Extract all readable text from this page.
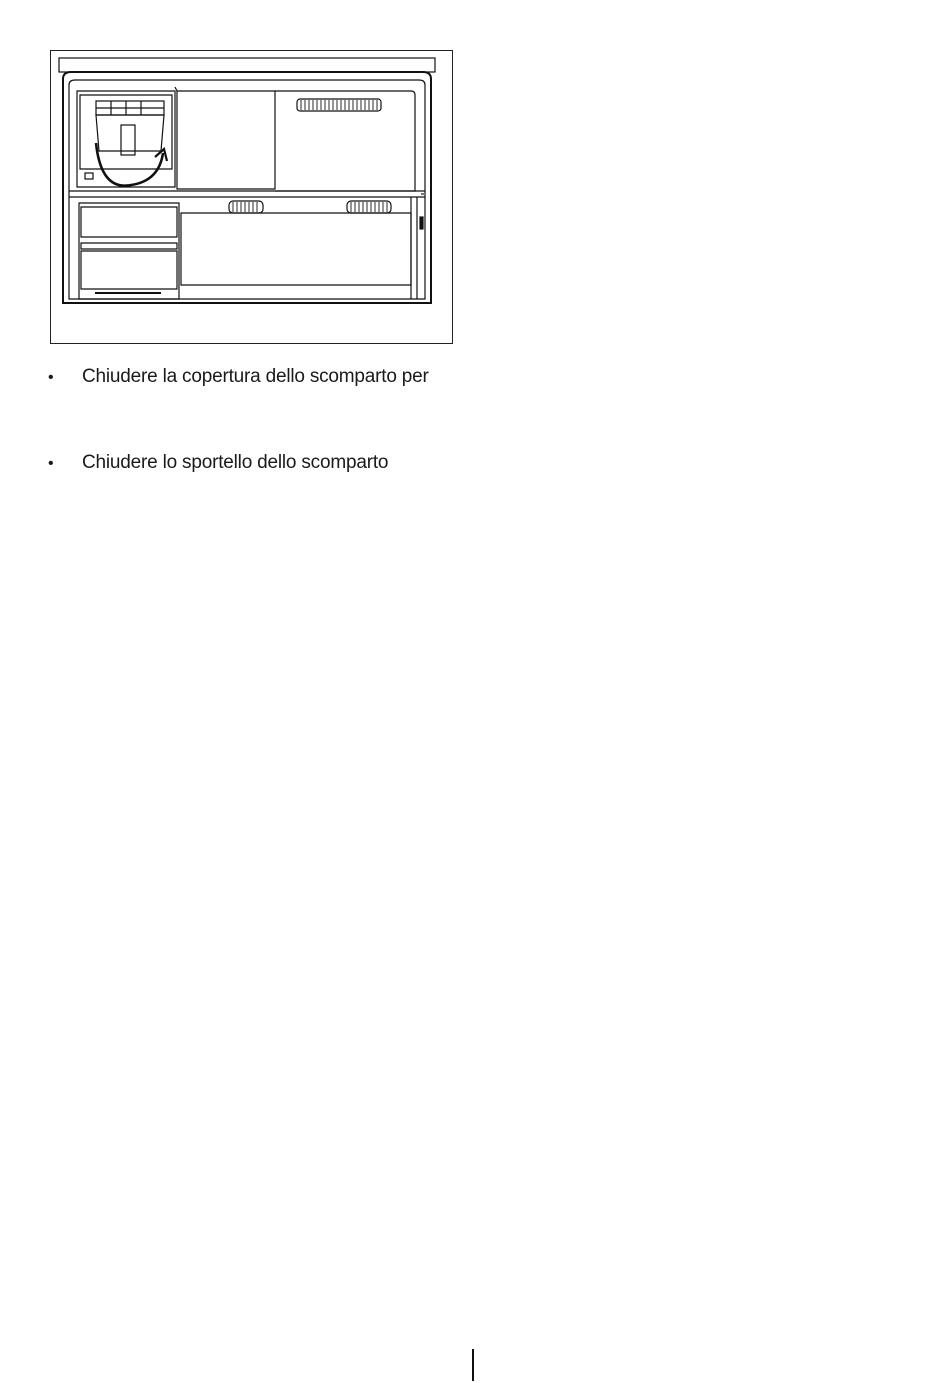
• Chiudere la copertura dello scomparto per
• Chiudere lo sportello dello scomparto
